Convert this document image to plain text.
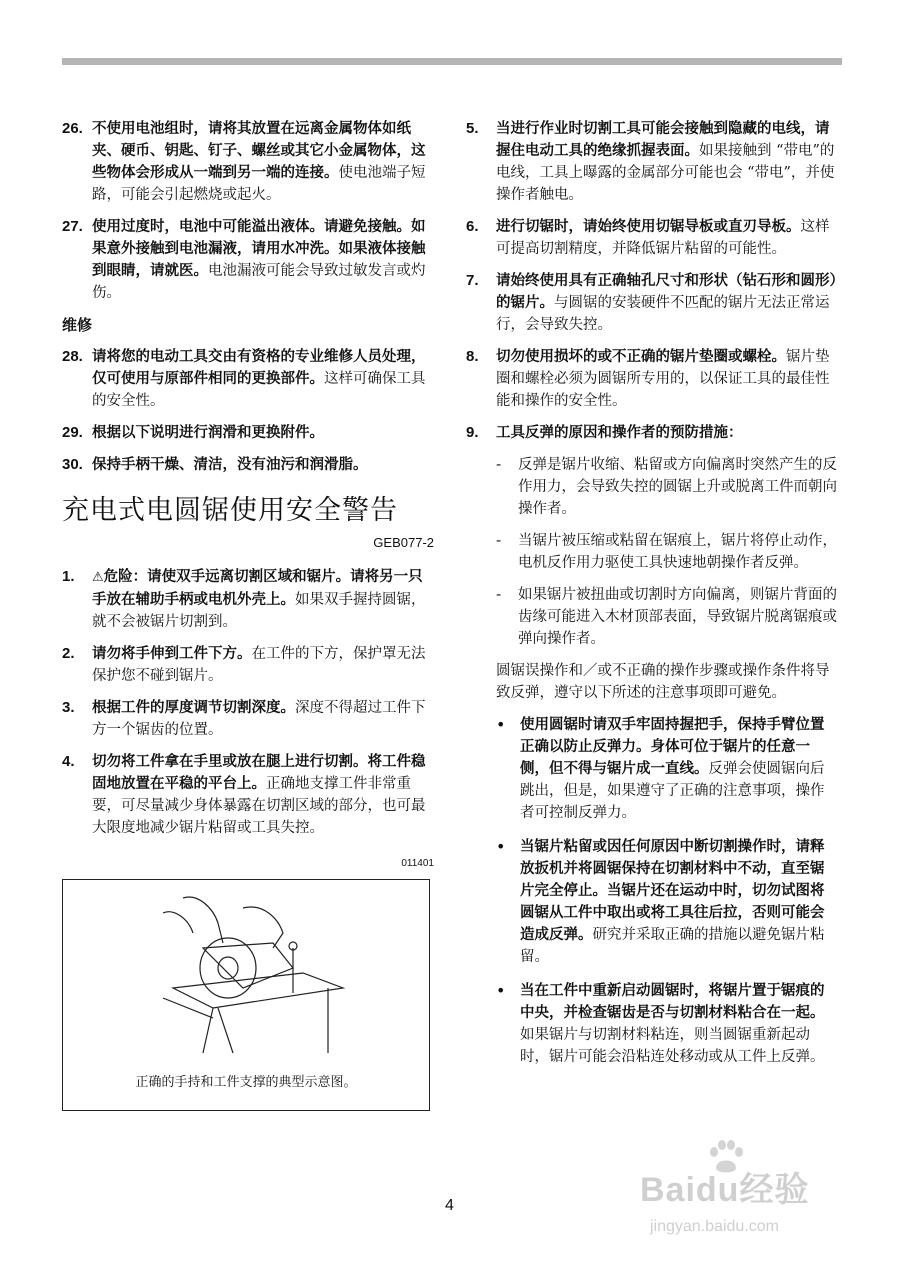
26. 不使用电池组时，请将其放置在远离金属物体如纸夹、硬币、钥匙、钉子、螺丝或其它小金属物体，这些物体会形成从一端到另一端的连接。使电池端子短路，可能会引起燃烧或起火。
27. 使用过度时，电池中可能溢出液体。请避免接触。如果意外接触到电池漏液，请用水冲洗。如果液体接触到眼睛，请就医。电池漏液可能会导致过敏发言或灼伤。
维修
28. 请将您的电动工具交由有资格的专业维修人员处理，仅可使用与原部件相同的更换部件。这样可确保工具的安全性。
29. 根据以下说明进行润滑和更换附件。
30. 保持手柄干燥、清洁，没有油污和润滑脂。
充电式电圆锯使用安全警告
GEB077-2
1.	⚠危险：请使双手远离切割区域和锯片。请将另一只手放在辅助手柄或电机外壳上。如果双手握持圆锯，就不会被锯片切割到。
2.	请勿将手伸到工件下方。在工件的下方，保护罩无法保护您不碰到锯片。
3.	根据工件的厚度调节切割深度。深度不得超过工件下方一个锯齿的位置。
4.	切勿将工件拿在手里或放在腿上进行切割。将工件稳固地放置在平稳的平台上。正确地支撑工件非常重要，可尽量减少身体暴露在切割区域的部分，也可最大限度地减少锯片粘留或工具失控。
011401
正确的手持和工件支撑的典型示意图。
5.	当进行作业时切割工具可能会接触到隐藏的电线，请握住电动工具的绝缘抓握表面。如果接触到 “带电”的电线，工具上曝露的金属部分可能也会 “带电”，并使操作者触电。
6.	进行切锯时，请始终使用切锯导板或直刃导板。这样可提高切割精度，并降低锯片粘留的可能性。
7.	请始终使用具有正确轴孔尺寸和形状（钻石形和圆形）的锯片。与圆锯的安装硬件不匹配的锯片无法正常运行，会导致失控。
8.	切勿使用损坏的或不正确的锯片垫圈或螺栓。锯片垫圈和螺栓必须为圆锯所专用的，以保证工具的最佳性能和操作的安全性。
9.	工具反弹的原因和操作者的预防措施：
-	反弹是锯片收缩、粘留或方向偏离时突然产生的反作用力，会导致失控的圆锯上升或脱离工件而朝向操作者。
-	当锯片被压缩或粘留在锯痕上，锯片将停止动作，电机反作用力驱使工具快速地朝操作者反弹。
-	如果锯片被扭曲或切割时方向偏离，则锯片背面的齿缘可能进入木材顶部表面，导致锯片脱离锯痕或弹向操作者。
圆锯误操作和／或不正确的操作步骤或操作条件将导致反弹，遵守以下所述的注意事项即可避免。
•	使用圆锯时请双手牢固持握把手，保持手臂位置正确以防止反弹力。身体可位于锯片的任意一侧，但不得与锯片成一直线。反弹会使圆锯向后跳出，但是，如果遵守了正确的注意事项，操作者可控制反弹力。
•	当锯片粘留或因任何原因中断切割操作时，请释放扳机并将圆锯保持在切割材料中不动，直至锯片完全停止。当锯片还在运动中时，切勿试图将圆锯从工件中取出或将工具往后拉，否则可能会造成反弹。研究并采取正确的措施以避免锯片粘留。
•	当在工件中重新启动圆锯时，将锯片置于锯痕的中央，并检查锯齿是否与切割材料粘合在一起。如果锯片与切割材料粘连，则当圆锯重新起动时，锯片可能会沿粘连处移动或从工件上反弹。
4	Baidu经验
jingyan.baidu.com
